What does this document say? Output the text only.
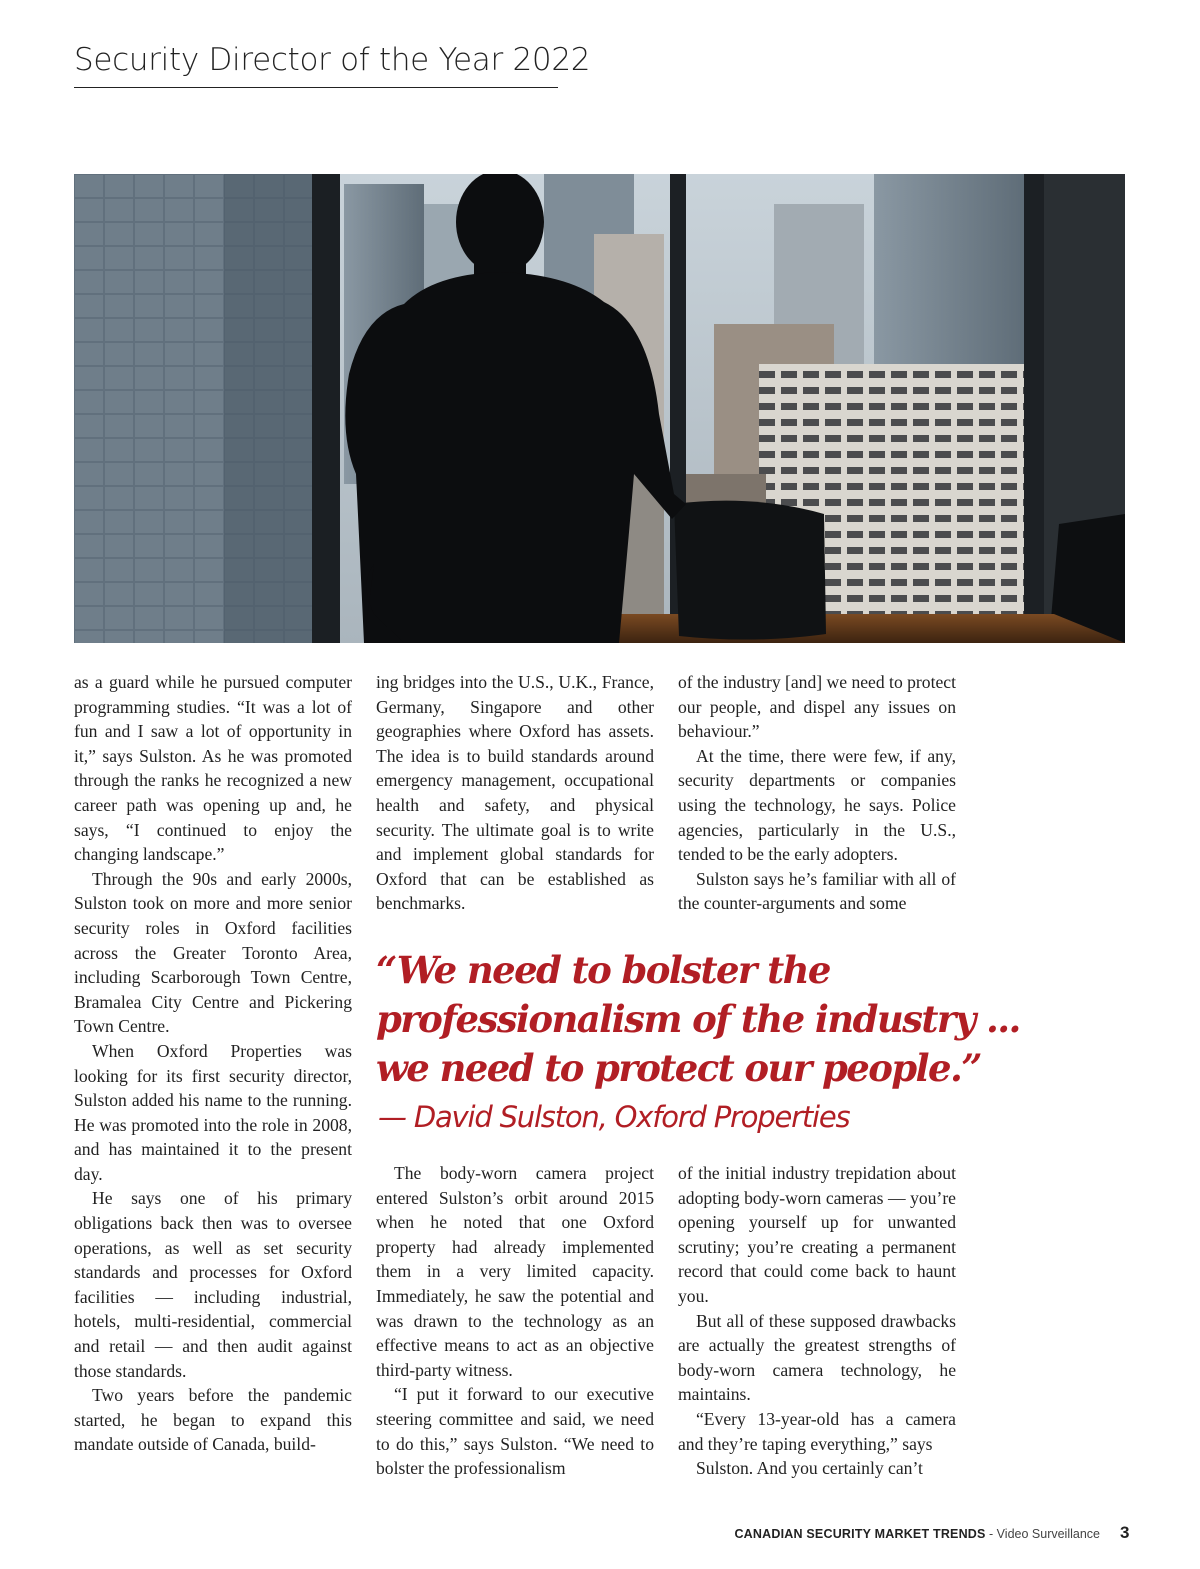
Security Director of the Year 2022

as a guard while he pursued computer programming studies. “It was a lot of fun and I saw a lot of opportunity in it,” says Sulston. As he was promoted through the ranks he recognized a new career path was opening up and, he says, “I continued to enjoy the changing landscape.”

Through the 90s and early 2000s, Sulston took on more and more senior security roles in Oxford facilities across the Greater Toronto Area, including Scarborough Town Centre, Bramalea City Centre and Pickering Town Centre.

When Oxford Properties was looking for its first security director, Sulston added his name to the running. He was promoted into the role in 2008, and has maintained it to the present day.

He says one of his primary obligations back then was to oversee operations, as well as set security standards and processes for Oxford facilities — including industrial, hotels, multi-residential, commercial and retail — and then audit against those standards.

Two years before the pandemic started, he began to expand this mandate outside of Canada, build-

ing bridges into the U.S., U.K., France, Germany, Singapore and other geographies where Oxford has assets. The idea is to build standards around emergency management, occupational health and safety, and physical security. The ultimate goal is to write and implement global standards for Oxford that can be established as benchmarks.

of the industry [and] we need to protect our people, and dispel any issues on behaviour.”

At the time, there were few, if any, security departments or companies using the technology, he says. Police agencies, particularly in the U.S., tended to be the early adopters.

Sulston says he’s familiar with all of the counter-arguments and some

“We need to bolster the
professionalism of the industry ...
we need to protect our people.”
— David Sulston, Oxford Properties

The body-worn camera project entered Sulston’s orbit around 2015 when he noted that one Oxford property had already implemented them in a very limited capacity. Immediately, he saw the potential and was drawn to the technology as an effective means to act as an objective third-party witness.

“I put it forward to our executive steering committee and said, we need to do this,” says Sulston. “We need to bolster the professionalism

of the initial industry trepidation about adopting body-worn cameras — you’re opening yourself up for unwanted scrutiny; you’re creating a permanent record that could come back to haunt you.

But all of these supposed drawbacks are actually the greatest strengths of body-worn camera technology, he maintains.

“Every 13-year-old has a camera and they’re taping everything,” says

Sulston. And you certainly can’t

CANADIAN SECURITY MARKET TRENDS - Video Surveillance 3
